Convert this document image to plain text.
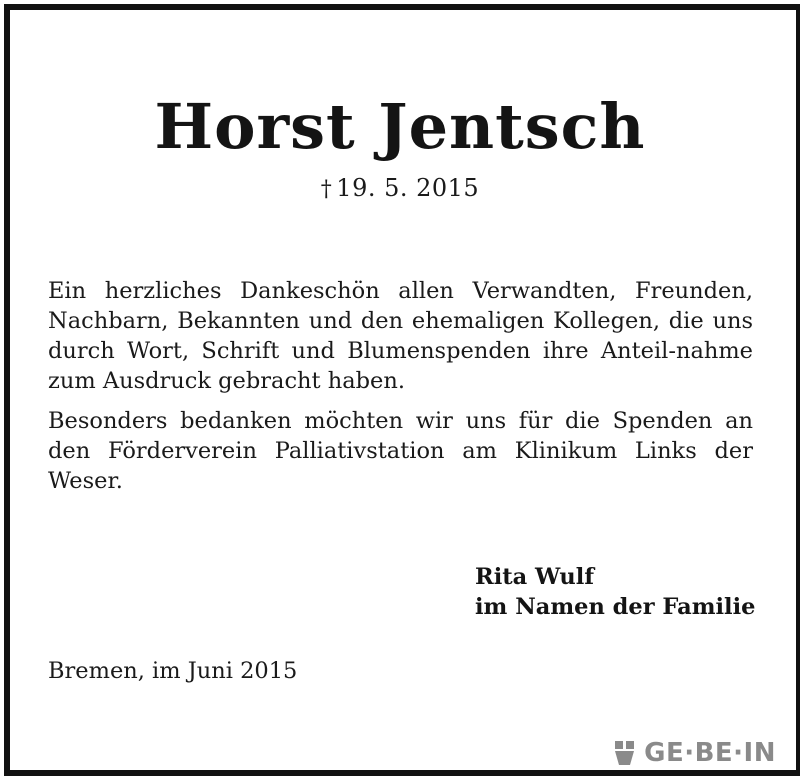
Horst Jentsch
† 19. 5. 2015

Ein herzliches Dankeschön allen Verwandten, Freunden, Nachbarn, Bekannten und den ehemaligen Kollegen, die uns durch Wort, Schrift und Blumenspenden ihre Anteil-nahme zum Ausdruck gebracht haben.

Besonders bedanken möchten wir uns für die Spenden an den Förderverein Palliativstation am Klinikum Links der Weser.

Rita Wulf
im Namen der Familie
Bremen, im Juni 2015
GE·BE·IN
